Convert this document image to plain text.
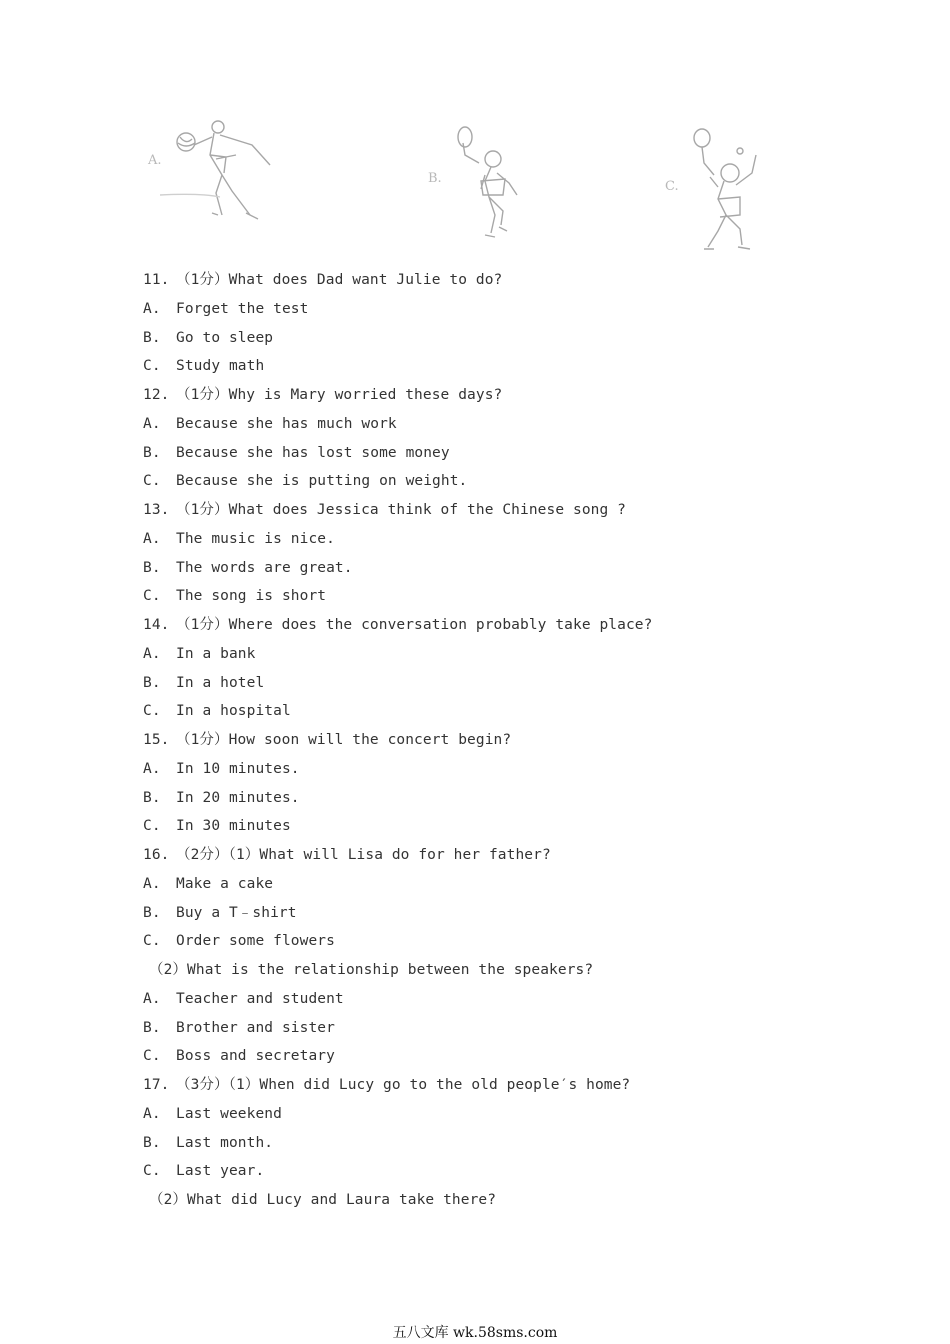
A.
B.
C.
11. （1分）What does Dad want Julie to do?
A. Forget the test
B. Go to sleep
C. Study math
12. （1分）Why is Mary worried these days?
A. Because she has much work
B. Because she has lost some money
C. Because she is putting on weight.
13. （1分）What does Jessica think of the Chinese song ?
A. The music is nice.
B. The words are great.
C. The song is short
14. （1分）Where does the conversation probably take place?
A. In a bank
B. In a hotel
C. In a hospital
15. （1分）How soon will the concert begin?
A. In 10 minutes.
B. In 20 minutes.
C. In 30 minutes
16. （2分）（1）What will Lisa do for her father?
A. Make a cake
B. Buy a T﹣shirt
C. Order some flowers
（2）What is the relationship between the speakers?
A. Teacher and student
B. Brother and sister
C. Boss and secretary
17. （3分）（1）When did Lucy go to the old people′s home?
A. Last weekend
B. Last month.
C. Last year.
（2）What did Lucy and Laura take there?
五八文库 wk.58sms.com
